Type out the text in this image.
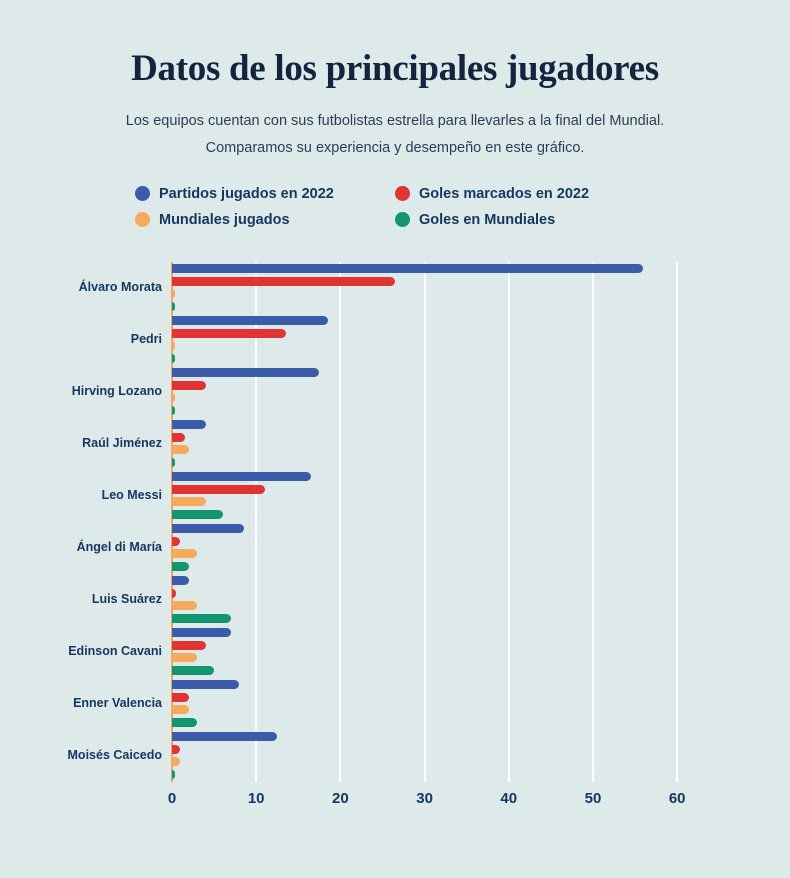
Datos de los principales jugadores

Los equipos cuentan con sus futbolistas estrella para llevarles a la final del Mundial. Comparamos su experiencia y desempeño en este gráfico.

Partidos jugados en 2022	Goles marcados en 2022
Mundiales jugados	Goles en Mundiales
0	10	20	30	40	50	60
Álvaro Morata
Pedri
Hirving Lozano
Raúl Jiménez
Leo Messi
Ángel di María
Luis Suárez
Edinson Cavani
Enner Valencia
Moisés Caicedo
